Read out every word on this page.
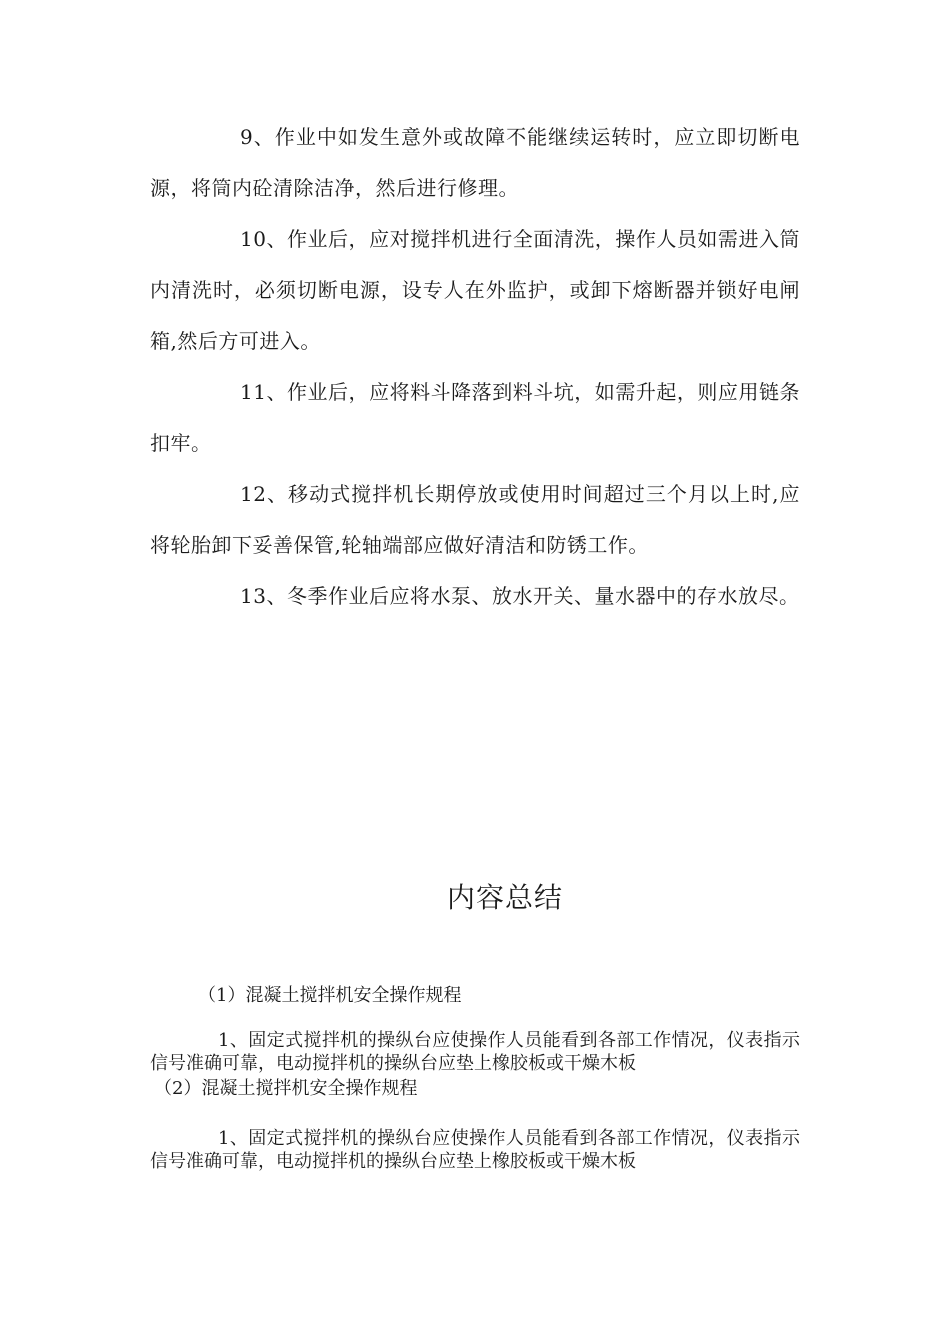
9、作业中如发生意外或故障不能继续运转时，应立即切断电源，将筒内砼清除洁净，然后进行修理。

10、作业后，应对搅拌机进行全面清洗，操作人员如需进入筒内清洗时，必须切断电源，设专人在外监护，或卸下熔断器并锁好电闸箱,然后方可进入。

11、作业后，应将料斗降落到料斗坑，如需升起，则应用链条扣牢。

12、移动式搅拌机长期停放或使用时间超过三个月以上时,应将轮胎卸下妥善保管,轮轴端部应做好清洁和防锈工作。

13、冬季作业后应将水泵、放水开关、量水器中的存水放尽。

内容总结

（1）混凝土搅拌机安全操作规程

1、固定式搅拌机的操纵台应使操作人员能看到各部工作情况，仪表指示信号准确可靠，电动搅拌机的操纵台应垫上橡胶板或干燥木板

（2）混凝土搅拌机安全操作规程

1、固定式搅拌机的操纵台应使操作人员能看到各部工作情况，仪表指示信号准确可靠，电动搅拌机的操纵台应垫上橡胶板或干燥木板
